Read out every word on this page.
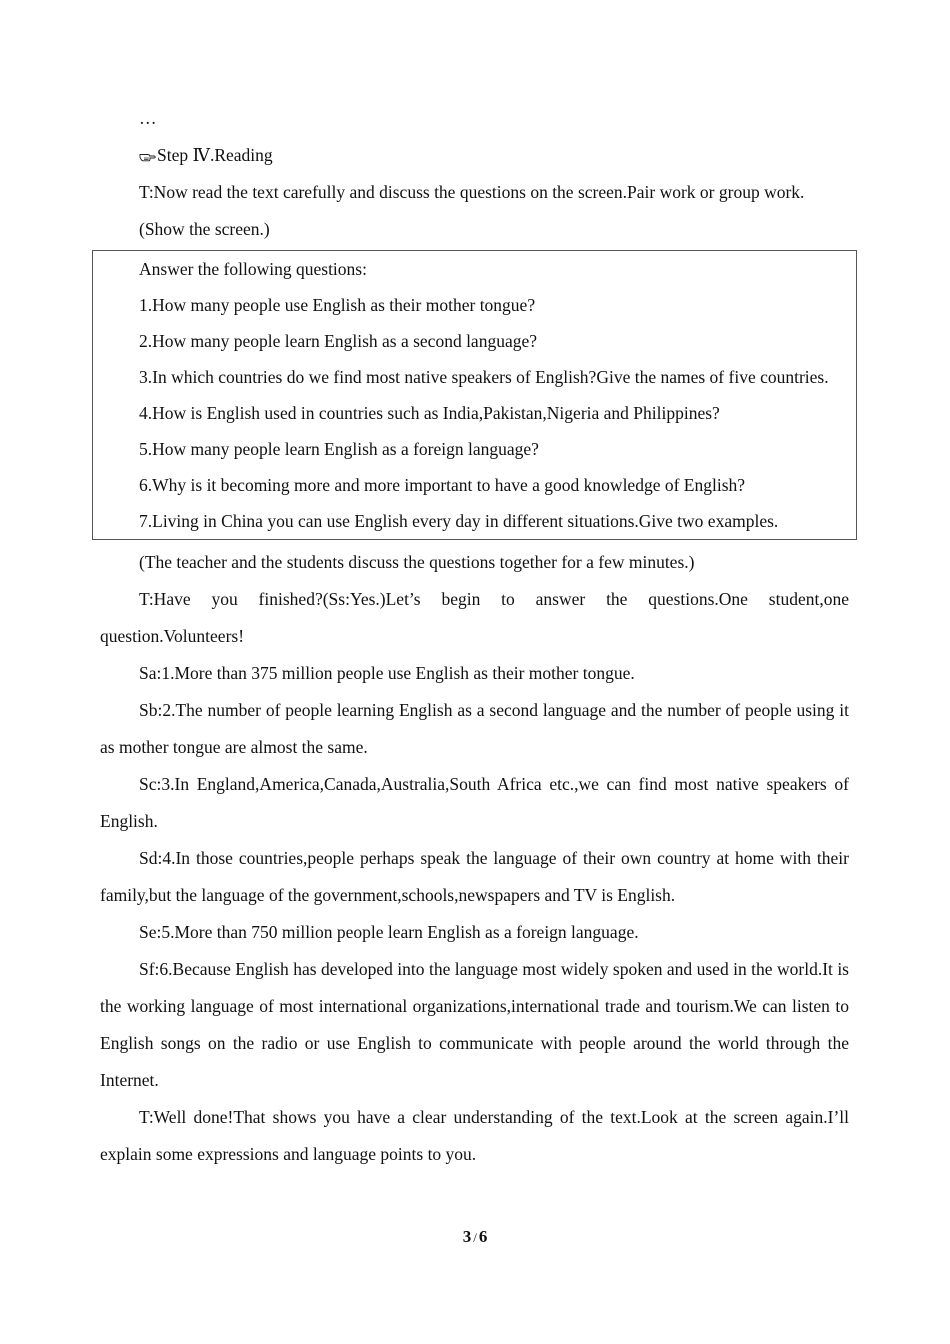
…

Step Ⅳ.Reading

T:Now read the text carefully and discuss the questions on the screen.Pair work or group work.

(Show the screen.)

Answer the following questions:

1.How many people use English as their mother tongue?

2.How many people learn English as a second language?

3.In which countries do we find most native speakers of English?Give the names of five countries.

4.How is English used in countries such as India,Pakistan,Nigeria and Philippines?

5.How many people learn English as a foreign language?

6.Why is it becoming more and more important to have a good knowledge of English?

7.Living in China you can use English every day in different situations.Give two examples.

(The teacher and the students discuss the questions together for a few minutes.)

T:Have you finished?(Ss:Yes.)Let’s begin to answer the questions.One student,one question.Volunteers!

Sa:1.More than 375 million people use English as their mother tongue.

Sb:2.The number of people learning English as a second language and the number of people using it as mother tongue are almost the same.

Sc:3.In England,America,Canada,Australia,South Africa etc.,we can find most native speakers of English.

Sd:4.In those countries,people perhaps speak the language of their own country at home with their family,but the language of the government,schools,newspapers and TV is English.

Se:5.More than 750 million people learn English as a foreign language.

Sf:6.Because English has developed into the language most widely spoken and used in the world.It is the working language of most international organizations,international trade and tourism.We can listen to English songs on the radio or use English to communicate with people around the world through the Internet.

T:Well done!That shows you have a clear understanding of the text.Look at the screen again.I’ll explain some expressions and language points to you.

3 / 6
